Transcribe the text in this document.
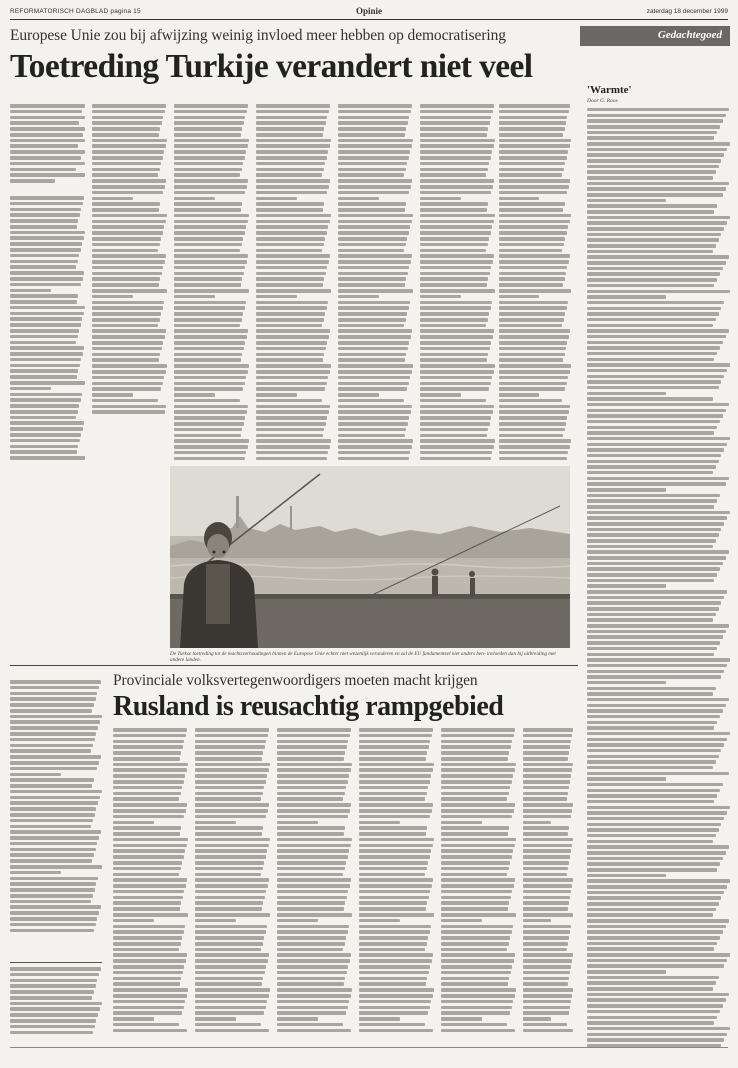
REFORMATORISCH DAGBLAD pagina 15	Opinie	zaterdag 18 december 1999
Europese Unie zou bij afwijzing weinig invloed meer hebben op democratisering
Toetreding Turkije verandert niet veel
De Turkse toetreding tot de machtsverhoudingen binnen de Europese Unie echter niet wezenlijk veranderen en zal de EU fundamenteel niet anders ben- invloeden dan bij uitbreiding met andere landen.
Gedachtegoed
'Warmte'
Door G. Roos
Provinciale volksvertegenwoordigers moeten macht krijgen
Rusland is reusachtig rampgebied
